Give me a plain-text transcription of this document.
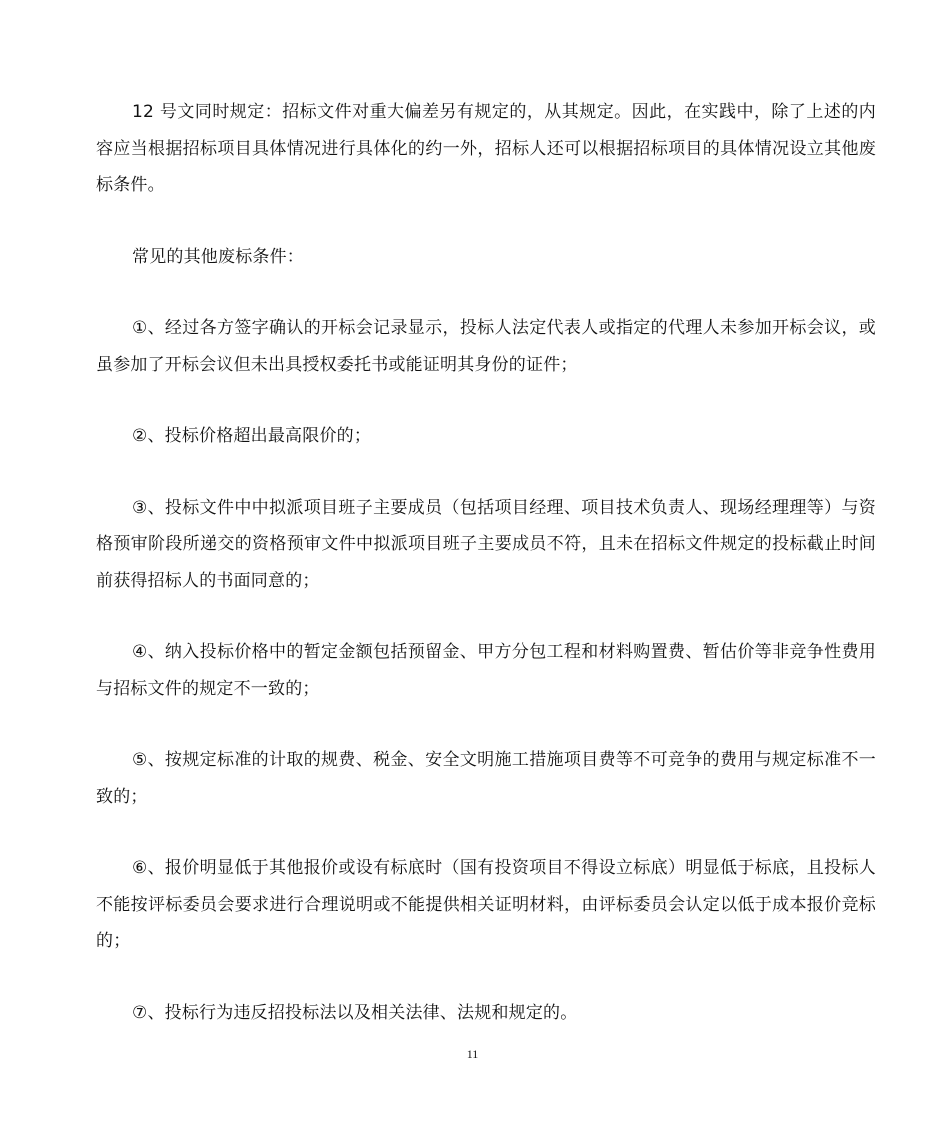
12 号文同时规定：招标文件对重大偏差另有规定的，从其规定。因此，在实践中，除了上述的内容应当根据招标项目具体情况进行具体化的约一外，招标人还可以根据招标项目的具体情况设立其他废标条件。

常见的其他废标条件：

①、经过各方签字确认的开标会记录显示，投标人法定代表人或指定的代理人未参加开标会议，或虽参加了开标会议但未出具授权委托书或能证明其身份的证件；

②、投标价格超出最高限价的；

③、投标文件中中拟派项目班子主要成员（包括项目经理、项目技术负责人、现场经理理等）与资格预审阶段所递交的资格预审文件中拟派项目班子主要成员不符，且未在招标文件规定的投标截止时间前获得招标人的书面同意的；

④、纳入投标价格中的暂定金额包括预留金、甲方分包工程和材料购置费、暂估价等非竞争性费用与招标文件的规定不一致的；

⑤、按规定标准的计取的规费、税金、安全文明施工措施项目费等不可竞争的费用与规定标准不一致的；

⑥、报价明显低于其他报价或设有标底时（国有投资项目不得设立标底）明显低于标底，且投标人不能按评标委员会要求进行合理说明或不能提供相关证明材料，由评标委员会认定以低于成本报价竞标的；

⑦、投标行为违反招投标法以及相关法律、法规和规定的。

11
